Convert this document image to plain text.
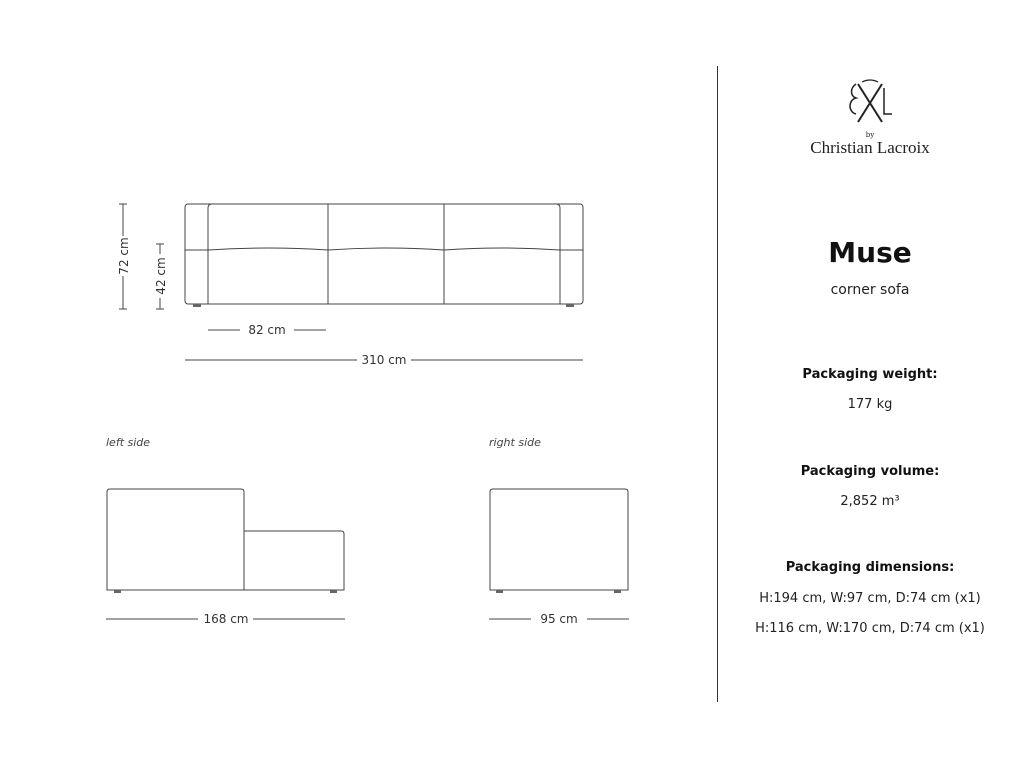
72 cm
42 cm
82 cm
310 cm
left side
168 cm
right side
95 cm
by
Christian Lacroix
Muse
corner sofa
Packaging weight:
177 kg
Packaging volume:
2,852 m³
Packaging dimensions:
H:194 cm, W:97 cm, D:74 cm (x1)
H:116 cm, W:170 cm, D:74 cm (x1)
